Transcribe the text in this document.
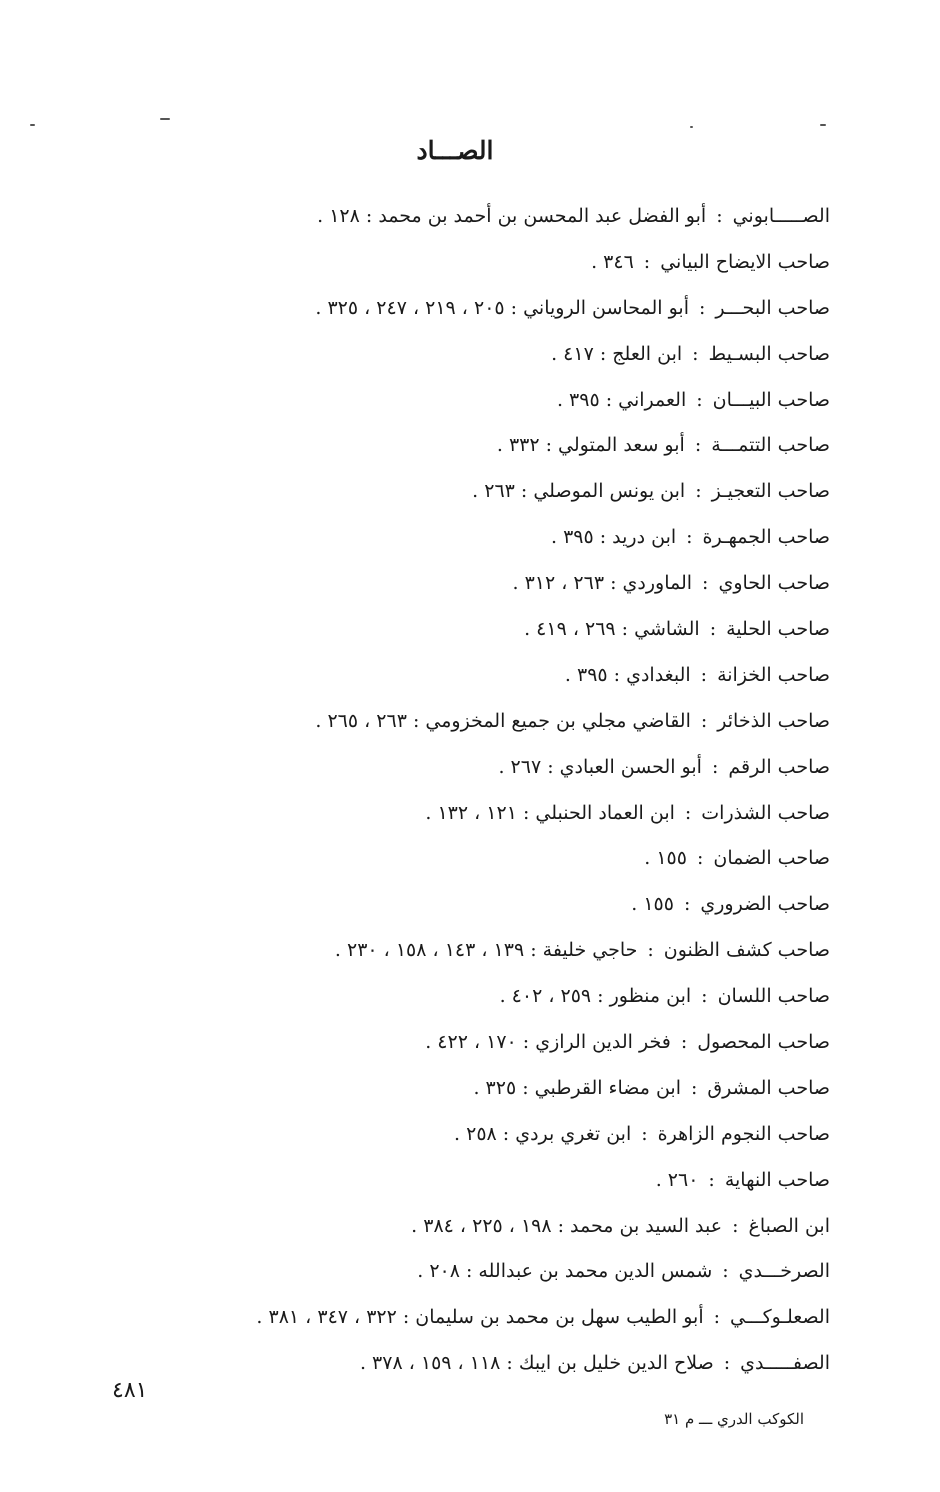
الصـــاد
الصـــــابوني
:
أبو الفضل عبد المحسن بن أحمد بن محمد : ١٢٨ .
صاحب الايضاح البياني
:
٣٤٦ .
صاحب البحـــر
:
أبو المحاسن الروياني : ٢٠٥ ، ٢١٩ ، ٢٤٧ ، ٣٢٥ .
صاحب البسـيط
:
ابن العلج : ٤١٧ .
صاحب البيـــان
:
العمراني : ٣٩٥ .
صاحب التتمـــة
:
أبو سعد المتولي : ٣٣٢ .
صاحب التعجيـز
:
ابن يونس الموصلي : ٢٦٣ .
صاحب الجمهـرة
:
ابن دريد : ٣٩٥ .
صاحب الحاوي
:
الماوردي : ٢٦٣ ، ٣١٢ .
صاحب الحلية
:
الشاشي : ٢٦٩ ، ٤١٩ .
صاحب الخزانة
:
البغدادي : ٣٩٥ .
صاحب الذخائر
:
القاضي مجلي بن جميع المخزومي : ٢٦٣ ، ٢٦٥ .
صاحب الرقم
:
أبو الحسن العبادي : ٢٦٧ .
صاحب الشذرات
:
ابن العماد الحنبلي : ١٢١ ، ١٣٢ .
صاحب الضمان
:
١٥٥ .
صاحب الضروري
:
١٥٥ .
صاحب كشف الظنون
:
حاجي خليفة : ١٣٩ ، ١٤٣ ، ١٥٨ ، ٢٣٠ .
صاحب اللسان
:
ابن منظور : ٢٥٩ ، ٤٠٢ .
صاحب المحصول
:
فخر الدين الرازي : ١٧٠ ، ٤٢٢ .
صاحب المشرق
:
ابن مضاء القرطبي : ٣٢٥ .
صاحب النجوم الزاهرة
:
ابن تغري بردي : ٢٥٨ .
صاحب النهاية
:
٢٦٠ .
ابن الصباغ
:
عبد السيد بن محمد : ١٩٨ ، ٢٢٥ ، ٣٨٤ .
الصرخـــدي
:
شمس الدين محمد بن عبدالله : ٢٠٨ .
الصعلـوكـــي
:
أبو الطيب سهل بن محمد بن سليمان : ٣٢٢ ، ٣٤٧ ، ٣٨١ .
الصفـــــدي
:
صلاح الدين خليل بن ايبك : ١١٨ ، ١٥٩ ، ٣٧٨ .
٤٨١
الكوكب الدري ـــ م ٣١
